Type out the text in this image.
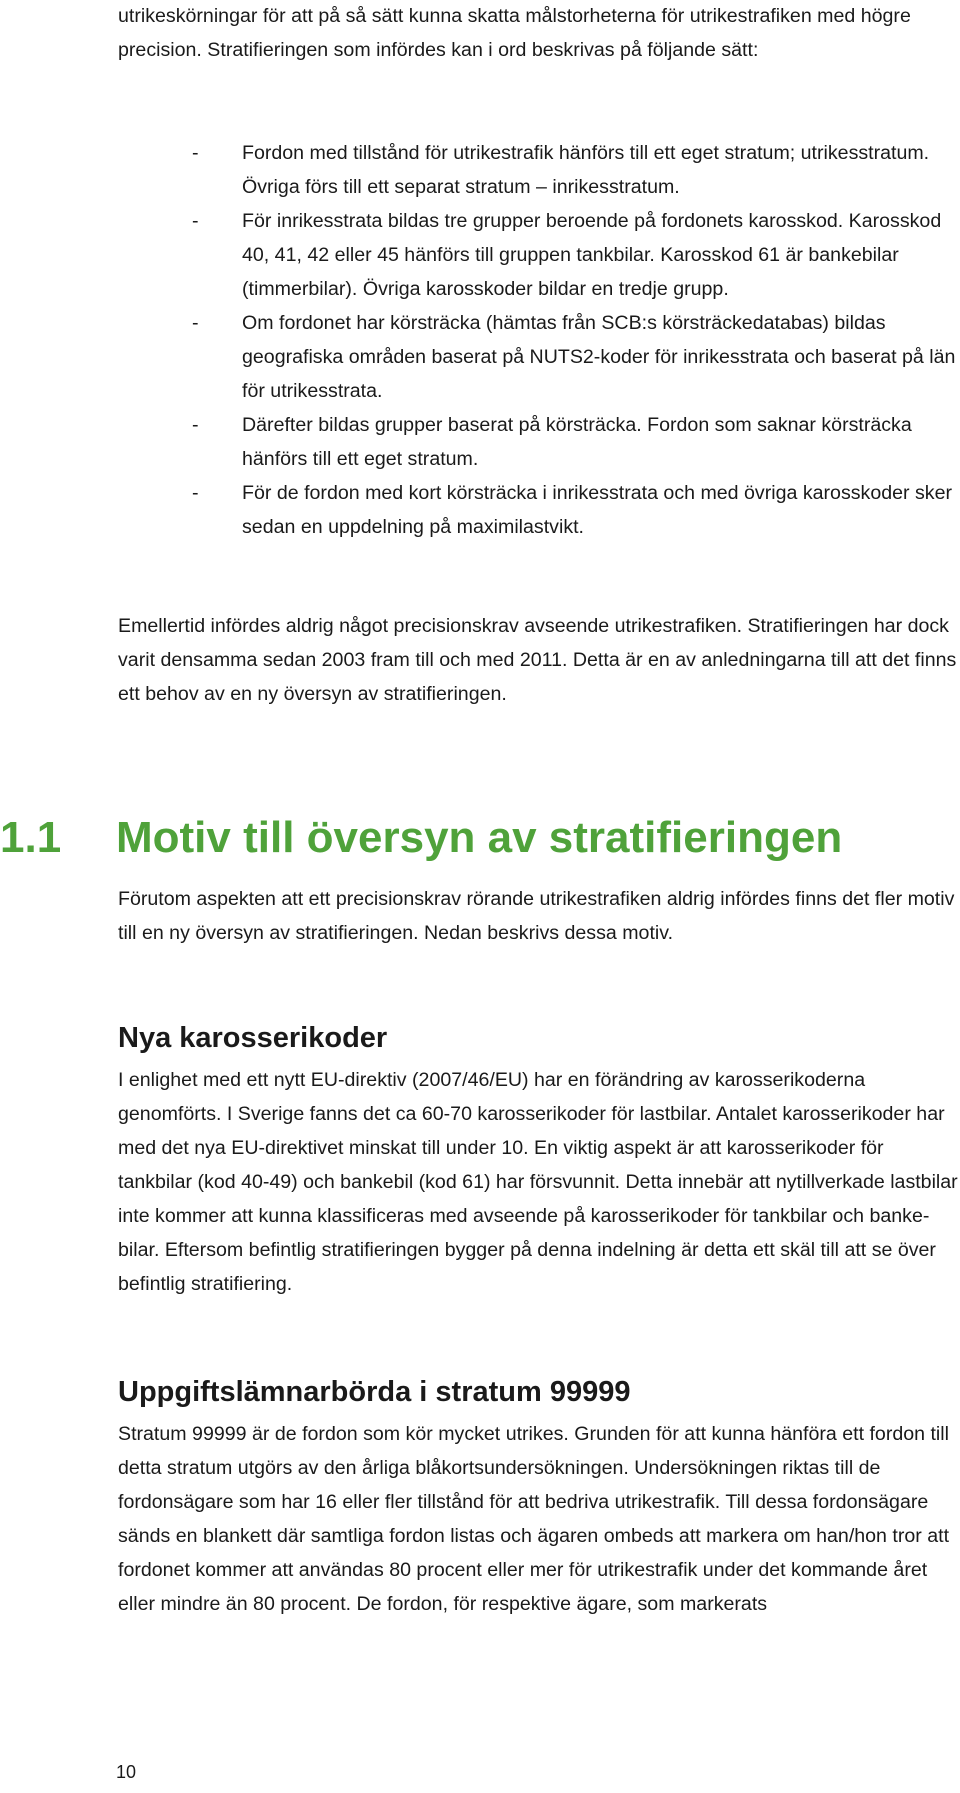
utrikeskörningar för att på så sätt kunna skatta målstorheterna för utrikestrafiken med högre precision. Stratifieringen som infördes kan i ord beskrivas på följande sätt:

- Fordon med tillstånd för utrikestrafik hänförs till ett eget stratum; utrikesstratum. Övriga förs till ett separat stratum – inrikesstratum.
- För inrikesstrata bildas tre grupper beroende på fordonets karosskod. Karosskod 40, 41, 42 eller 45 hänförs till gruppen tankbilar. Karosskod 61 är bankebilar (timmerbilar). Övriga karosskoder bildar en tredje grupp.
- Om fordonet har körsträcka (hämtas från SCB:s körsträckedatabas) bildas geografiska områden baserat på NUTS2-koder för inrikesstrata och baserat på län för utrikesstrata.
- Därefter bildas grupper baserat på körsträcka. Fordon som saknar körsträcka hänförs till ett eget stratum.
- För de fordon med kort körsträcka i inrikesstrata och med övriga karosskoder sker sedan en uppdelning på maximilastvikt.

Emellertid infördes aldrig något precisionskrav avseende utrikestrafiken. Stratifieringen har dock varit densamma sedan 2003 fram till och med 2011. Detta är en av anledningarna till att det finns ett behov av en ny översyn av stratifieringen.

1.1 Motiv till översyn av stratifieringen

Förutom aspekten att ett precisionskrav rörande utrikestrafiken aldrig infördes finns det fler motiv till en ny översyn av stratifieringen. Nedan beskrivs dessa motiv.

Nya karosserikoder

I enlighet med ett nytt EU-direktiv (2007/46/EU) har en förändring av karosserikoderna genomförts. I Sverige fanns det ca 60-70 karosserikoder för lastbilar. Antalet karosserikoder har med det nya EU-direktivet minskat till under 10. En viktig aspekt är att karosserikoder för tankbilar (kod 40-49) och bankebil (kod 61) har försvunnit. Detta innebär att nytillverkade lastbilar inte kommer att kunna klassificeras med avseende på karosserikoder för tankbilar och banke-bilar. Eftersom befintlig stratifieringen bygger på denna indelning är detta ett skäl till att se över befintlig stratifiering.

Uppgiftslämnarbörda i stratum 99999

Stratum 99999 är de fordon som kör mycket utrikes. Grunden för att kunna hänföra ett fordon till detta stratum utgörs av den årliga blåkortsundersökningen. Undersökningen riktas till de fordonsägare som har 16 eller fler tillstånd för att bedriva utrikestrafik. Till dessa fordonsägare sänds en blankett där samtliga fordon listas och ägaren ombeds att markera om han/hon tror att fordonet kommer att användas 80 procent eller mer för utrikestrafik under det kommande året eller mindre än 80 procent. De fordon, för respektive ägare, som markerats

10
